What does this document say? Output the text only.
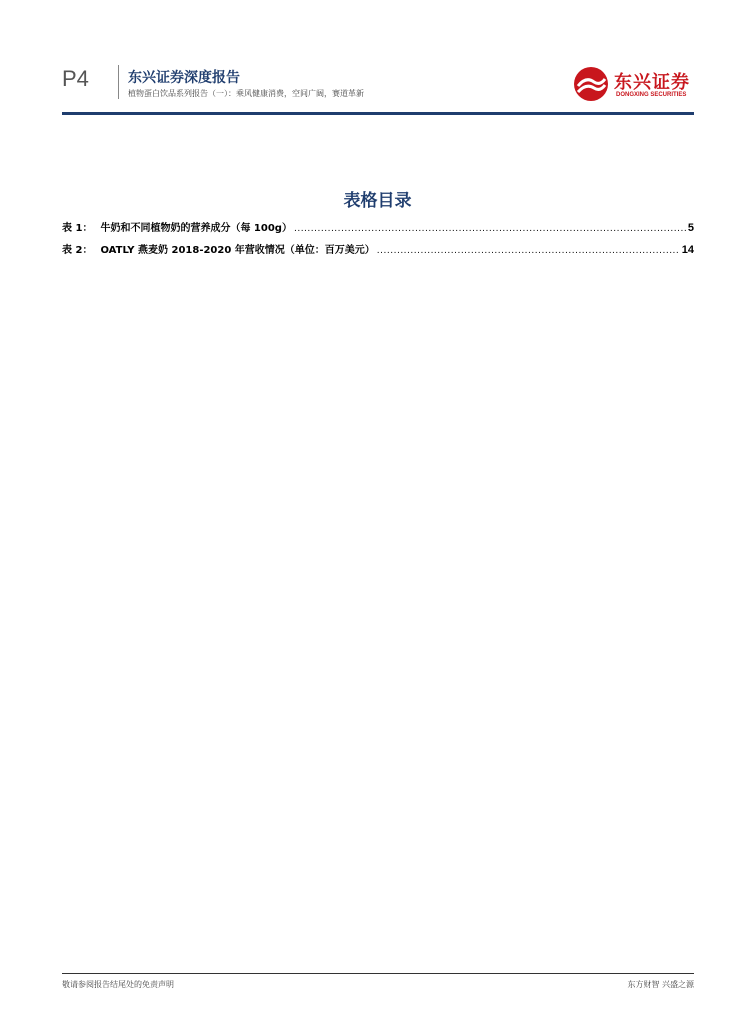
P4	东兴证券深度报告
植物蛋白饮品系列报告（一）：乘风健康消费，空间广阔，赛道革新
东兴证券
DONGXING SECURITIES
表格目录
表 1： 牛奶和不同植物奶的营养成分（每 100g） .....	5
表 2： OATLY 燕麦奶 2018-2020 年营收情况（单位：百万美元） .....	14
敬请参阅报告结尾处的免责声明	东方财智 兴盛之源
